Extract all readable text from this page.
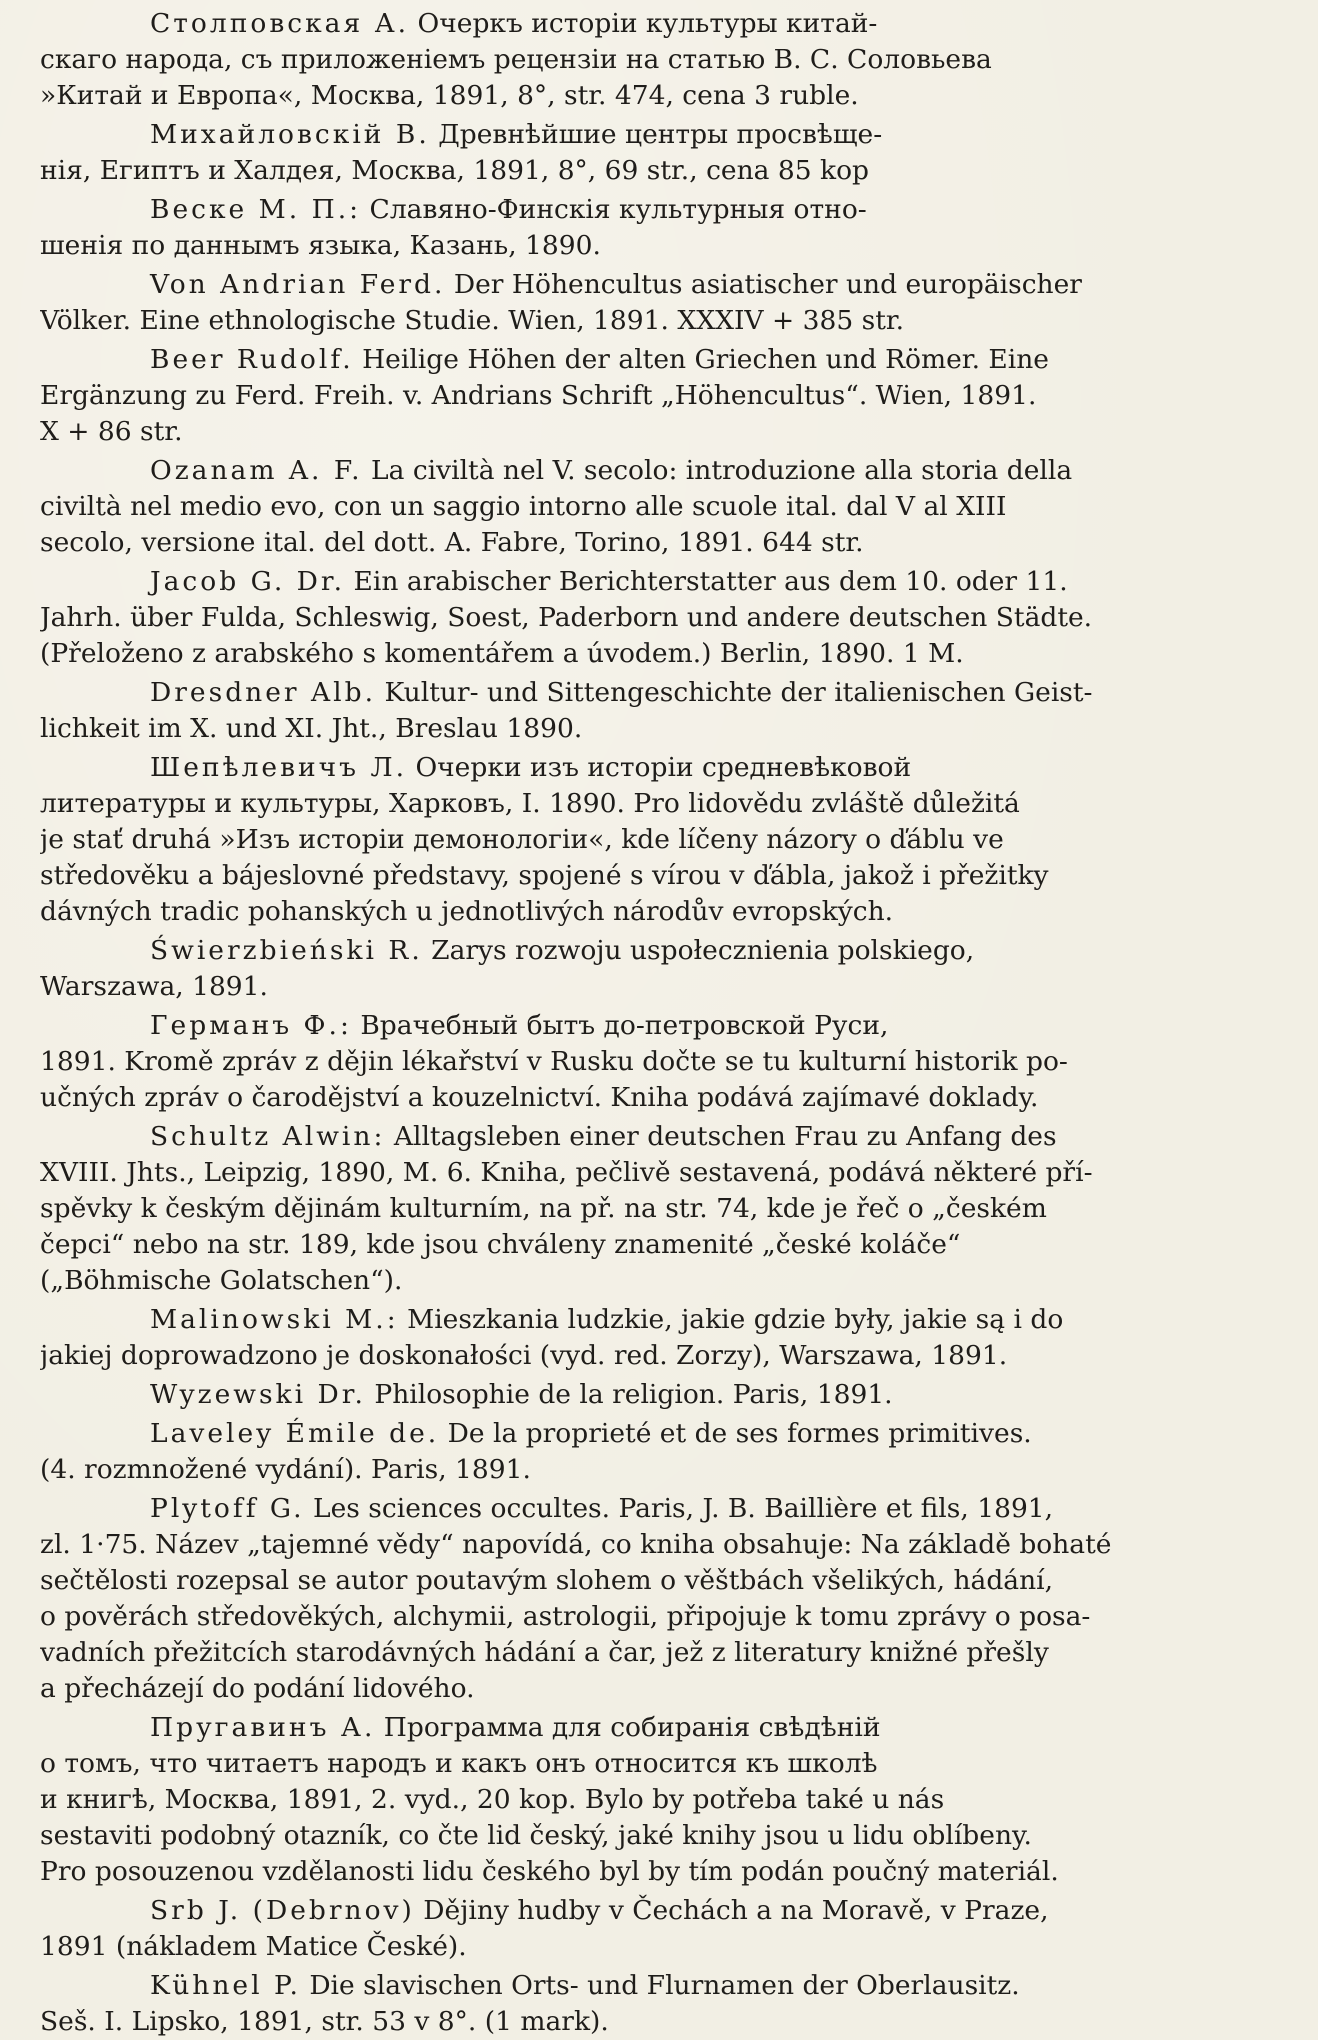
Столповская А. Очеркъ исторіи культуры китай-
скаго народа, съ приложеніемъ рецензіи на статью В. С. Соловьева
»Китай и Европа«, Москва, 1891, 8°, str. 474, cena 3 ruble.
Михайловскій В. Древнѣйшие центры просвѣще-
нія, Египтъ и Халдея, Москва, 1891, 8°, 69 str., cena 85 kop
Веске М. П.: Славяно-Финскія культурныя отно-
шенія по даннымъ языка, Казань, 1890.
Von Andrian Ferd. Der Höhencultus asiatischer und europäischer
Völker. Eine ethnologische Studie. Wien, 1891. XXXIV + 385 str.
Beer Rudolf. Heilige Höhen der alten Griechen und Römer. Eine
Ergänzung zu Ferd. Freih. v. Andrians Schrift „Höhencultus“. Wien, 1891.
X + 86 str.
Ozanam A. F. La civiltà nel V. secolo: introduzione alla storia della
civiltà nel medio evo, con un saggio intorno alle scuole ital. dal V al XIII
secolo, versione ital. del dott. A. Fabre, Torino, 1891. 644 str.
Jacob G. Dr. Ein arabischer Berichterstatter aus dem 10. oder 11.
Jahrh. über Fulda, Schleswig, Soest, Paderborn und andere deutschen Städte.
(Přeloženo z arabského s komentářem a úvodem.) Berlin, 1890. 1 M.
Dresdner Alb. Kultur- und Sittengeschichte der italienischen Geist-
lichkeit im X. und XI. Jht., Breslau 1890.
Шепѣлевичъ Л. Очерки изъ исторіи средневѣковой
литературы и культуры, Харковъ, I. 1890. Pro lidovědu zvláště důležitá
je stať druhá »Изъ исторіи демонологіи«, kde líčeny názory o ďáblu ve
středověku a bájeslovné představy, spojené s vírou v ďábla, jakož i přežitky
dávných tradic pohanských u jednotlivých národův evropských.
Świerzbieński R. Zarys rozwoju uspołecznienia polskiego,
Warszawa, 1891.
Германъ Ф.: Врачебный бытъ до-петровской Руси,
1891. Kromě zpráv z dějin lékařství v Rusku dočte se tu kulturní historik po-
učných zpráv o čarodějství a kouzelnictví. Kniha podává zajímavé doklady.
Schultz Alwin: Alltagsleben einer deutschen Frau zu Anfang des
XVIII. Jhts., Leipzig, 1890, M. 6. Kniha, pečlivě sestavená, podává některé pří-
spěvky k českým dějinám kulturním, na př. na str. 74, kde je řeč o „českém
čepci“ nebo na str. 189, kde jsou chváleny znamenité „české koláče“
(„Böhmische Golatschen“).
Malinowski M.: Mieszkania ludzkie, jakie gdzie były, jakie są i do
jakiej doprowadzono je doskonałości (vyd. red. Zorzy), Warszawa, 1891.
Wyzewski Dr. Philosophie de la religion. Paris, 1891.
Laveley Émile de. De la proprieté et de ses formes primitives.
(4. rozmnožené vydání). Paris, 1891.
Plytoff G. Les sciences occultes. Paris, J. B. Baillière et fils, 1891,
zl. 1·75. Název „tajemné vědy“ napovídá, co kniha obsahuje: Na základě bohaté
sečtělosti rozepsal se autor poutavým slohem o věštbách všelikých, hádání,
o pověrách středověkých, alchymii, astrologii, připojuje k tomu zprávy o posa-
vadních přežitcích starodávných hádání a čar, jež z literatury knižné přešly
a přecházejí do podání lidového.
Пругавинъ А. Программа для собиранія свѣдѣній
о томъ, что читаетъ народъ и какъ онъ относится къ школѣ
и книгѣ, Москва, 1891, 2. vyd., 20 kop. Bylo by potřeba také u nás
sestaviti podobný otazník, co čte lid český, jaké knihy jsou u lidu oblíbeny.
Pro posouzenou vzdělanosti lidu českého byl by tím podán poučný materiál.
Srb J. (Debrnov) Dějiny hudby v Čechách a na Moravě, v Praze,
1891 (nákladem Matice České).
Kühnel P. Die slavischen Orts- und Flurnamen der Oberlausitz.
Seš. I. Lipsko, 1891, str. 53 v 8°. (1 mark).
